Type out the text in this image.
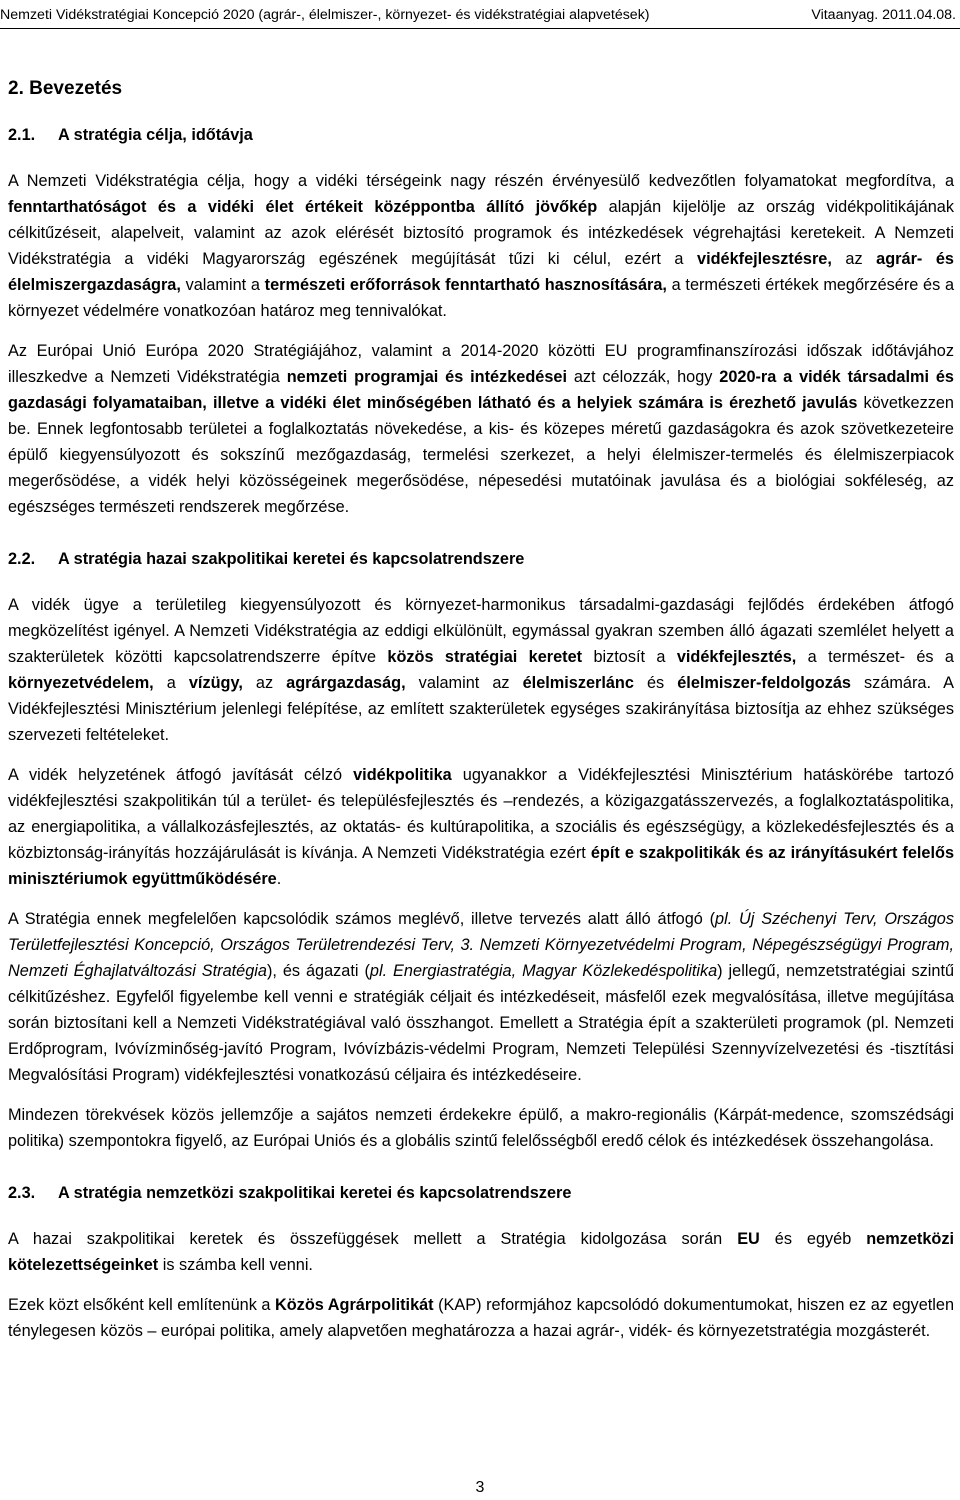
Nemzeti Vidékstratégiai Koncepció 2020 (agrár-, élelmiszer-, környezet- és vidékstratégiai alapvetések)	Vitaanyag. 2011.04.08.
2. Bevezetés
2.1.	A stratégia célja, időtávja

A Nemzeti Vidékstratégia célja, hogy a vidéki térségeink nagy részén érvényesülő kedvezőtlen folyamatokat megfordítva, a fenntarthatóságot és a vidéki élet értékeit középpontba állító jövőkép alapján kijelölje az ország vidékpolitikájának célkitűzéseit, alapelveit, valamint az azok elérését biztosító programok és intézkedések végrehajtási keretekeit. A Nemzeti Vidékstratégia a vidéki Magyarország egészének megújítását tűzi ki célul, ezért a vidékfejlesztésre, az agrár- és élelmiszergazdaságra, valamint a természeti erőforrások fenntartható hasznosítására, a természeti értékek megőrzésére és a környezet védelmére vonatkozóan határoz meg tennivalókat.

Az Európai Unió Európa 2020 Stratégiájához, valamint a 2014-2020 közötti EU programfinanszírozási időszak időtávjához illeszkedve a Nemzeti Vidékstratégia nemzeti programjai és intézkedései azt célozzák, hogy 2020-ra a vidék társadalmi és gazdasági folyamataiban, illetve a vidéki élet minőségében látható és a helyiek számára is érezhető javulás következzen be. Ennek legfontosabb területei a foglalkoztatás növekedése, a kis- és közepes méretű gazdaságokra és azok szövetkezeteire épülő kiegyensúlyozott és sokszínű mezőgazdaság, termelési szerkezet, a helyi élelmiszer-termelés és élelmiszerpiacok megerősödése, a vidék helyi közösségeinek megerősödése, népesedési mutatóinak javulása és a biológiai sokféleség, az egészséges természeti rendszerek megőrzése.

2.2.	A stratégia hazai szakpolitikai keretei és kapcsolatrendszere

A vidék ügye a területileg kiegyensúlyozott és környezet-harmonikus társadalmi-gazdasági fejlődés érdekében átfogó megközelítést igényel. A Nemzeti Vidékstratégia az eddigi elkülönült, egymással gyakran szemben álló ágazati szemlélet helyett a szakterületek közötti kapcsolatrendszerre építve közös stratégiai keretet biztosít a vidékfejlesztés, a természet- és a környezetvédelem, a vízügy, az agrárgazdaság, valamint az élelmiszerlánc és élelmiszer-feldolgozás számára. A Vidékfejlesztési Minisztérium jelenlegi felépítése, az említett szakterületek egységes szakirányítása biztosítja az ehhez szükséges szervezeti feltételeket.

A vidék helyzetének átfogó javítását célzó vidékpolitika ugyanakkor a Vidékfejlesztési Minisztérium hatáskörébe tartozó vidékfejlesztési szakpolitikán túl a terület- és településfejlesztés és –rendezés, a közigazgatásszervezés, a foglalkoztatáspolitika, az energiapolitika, a vállalkozásfejlesztés, az oktatás- és kultúrapolitika, a szociális és egészségügy, a közlekedésfejlesztés és a közbiztonság-irányítás hozzájárulását is kívánja. A Nemzeti Vidékstratégia ezért épít e szakpolitikák és az irányításukért felelős minisztériumok együttműködésére.

A Stratégia ennek megfelelően kapcsolódik számos meglévő, illetve tervezés alatt álló átfogó (pl. Új Széchenyi Terv, Országos Területfejlesztési Koncepció, Országos Területrendezési Terv, 3. Nemzeti Környezetvédelmi Program, Népegészségügyi Program, Nemzeti Éghajlatváltozási Stratégia), és ágazati (pl. Energiastratégia, Magyar Közlekedéspolitika) jellegű, nemzetstratégiai szintű célkitűzéshez. Egyfelől figyelembe kell venni e stratégiák céljait és intézkedéseit, másfelől ezek megvalósítása, illetve megújítása során biztosítani kell a Nemzeti Vidékstratégiával való összhangot. Emellett a Stratégia épít a szakterületi programok (pl. Nemzeti Erdőprogram, Ivóvízminőség-javító Program, Ivóvízbázis-védelmi Program, Nemzeti Települési Szennyvízelvezetési és -tisztítási Megvalósítási Program) vidékfejlesztési vonatkozású céljaira és intézkedéseire.

Mindezen törekvések közös jellemzője a sajátos nemzeti érdekekre épülő, a makro-regionális (Kárpát-medence, szomszédsági politika) szempontokra figyelő, az Európai Uniós és a globális szintű felelősségből eredő célok és intézkedések összehangolása.

2.3.	A stratégia nemzetközi szakpolitikai keretei és kapcsolatrendszere

A hazai szakpolitikai keretek és összefüggések mellett a Stratégia kidolgozása során EU és egyéb nemzetközi kötelezettségeinket is számba kell venni.

Ezek közt elsőként kell említenünk a Közös Agrárpolitikát (KAP) reformjához kapcsolódó dokumentumokat, hiszen ez az egyetlen ténylegesen közös – európai politika, amely alapvetően meghatározza a hazai agrár-, vidék- és környezetstratégia mozgásterét.

3
